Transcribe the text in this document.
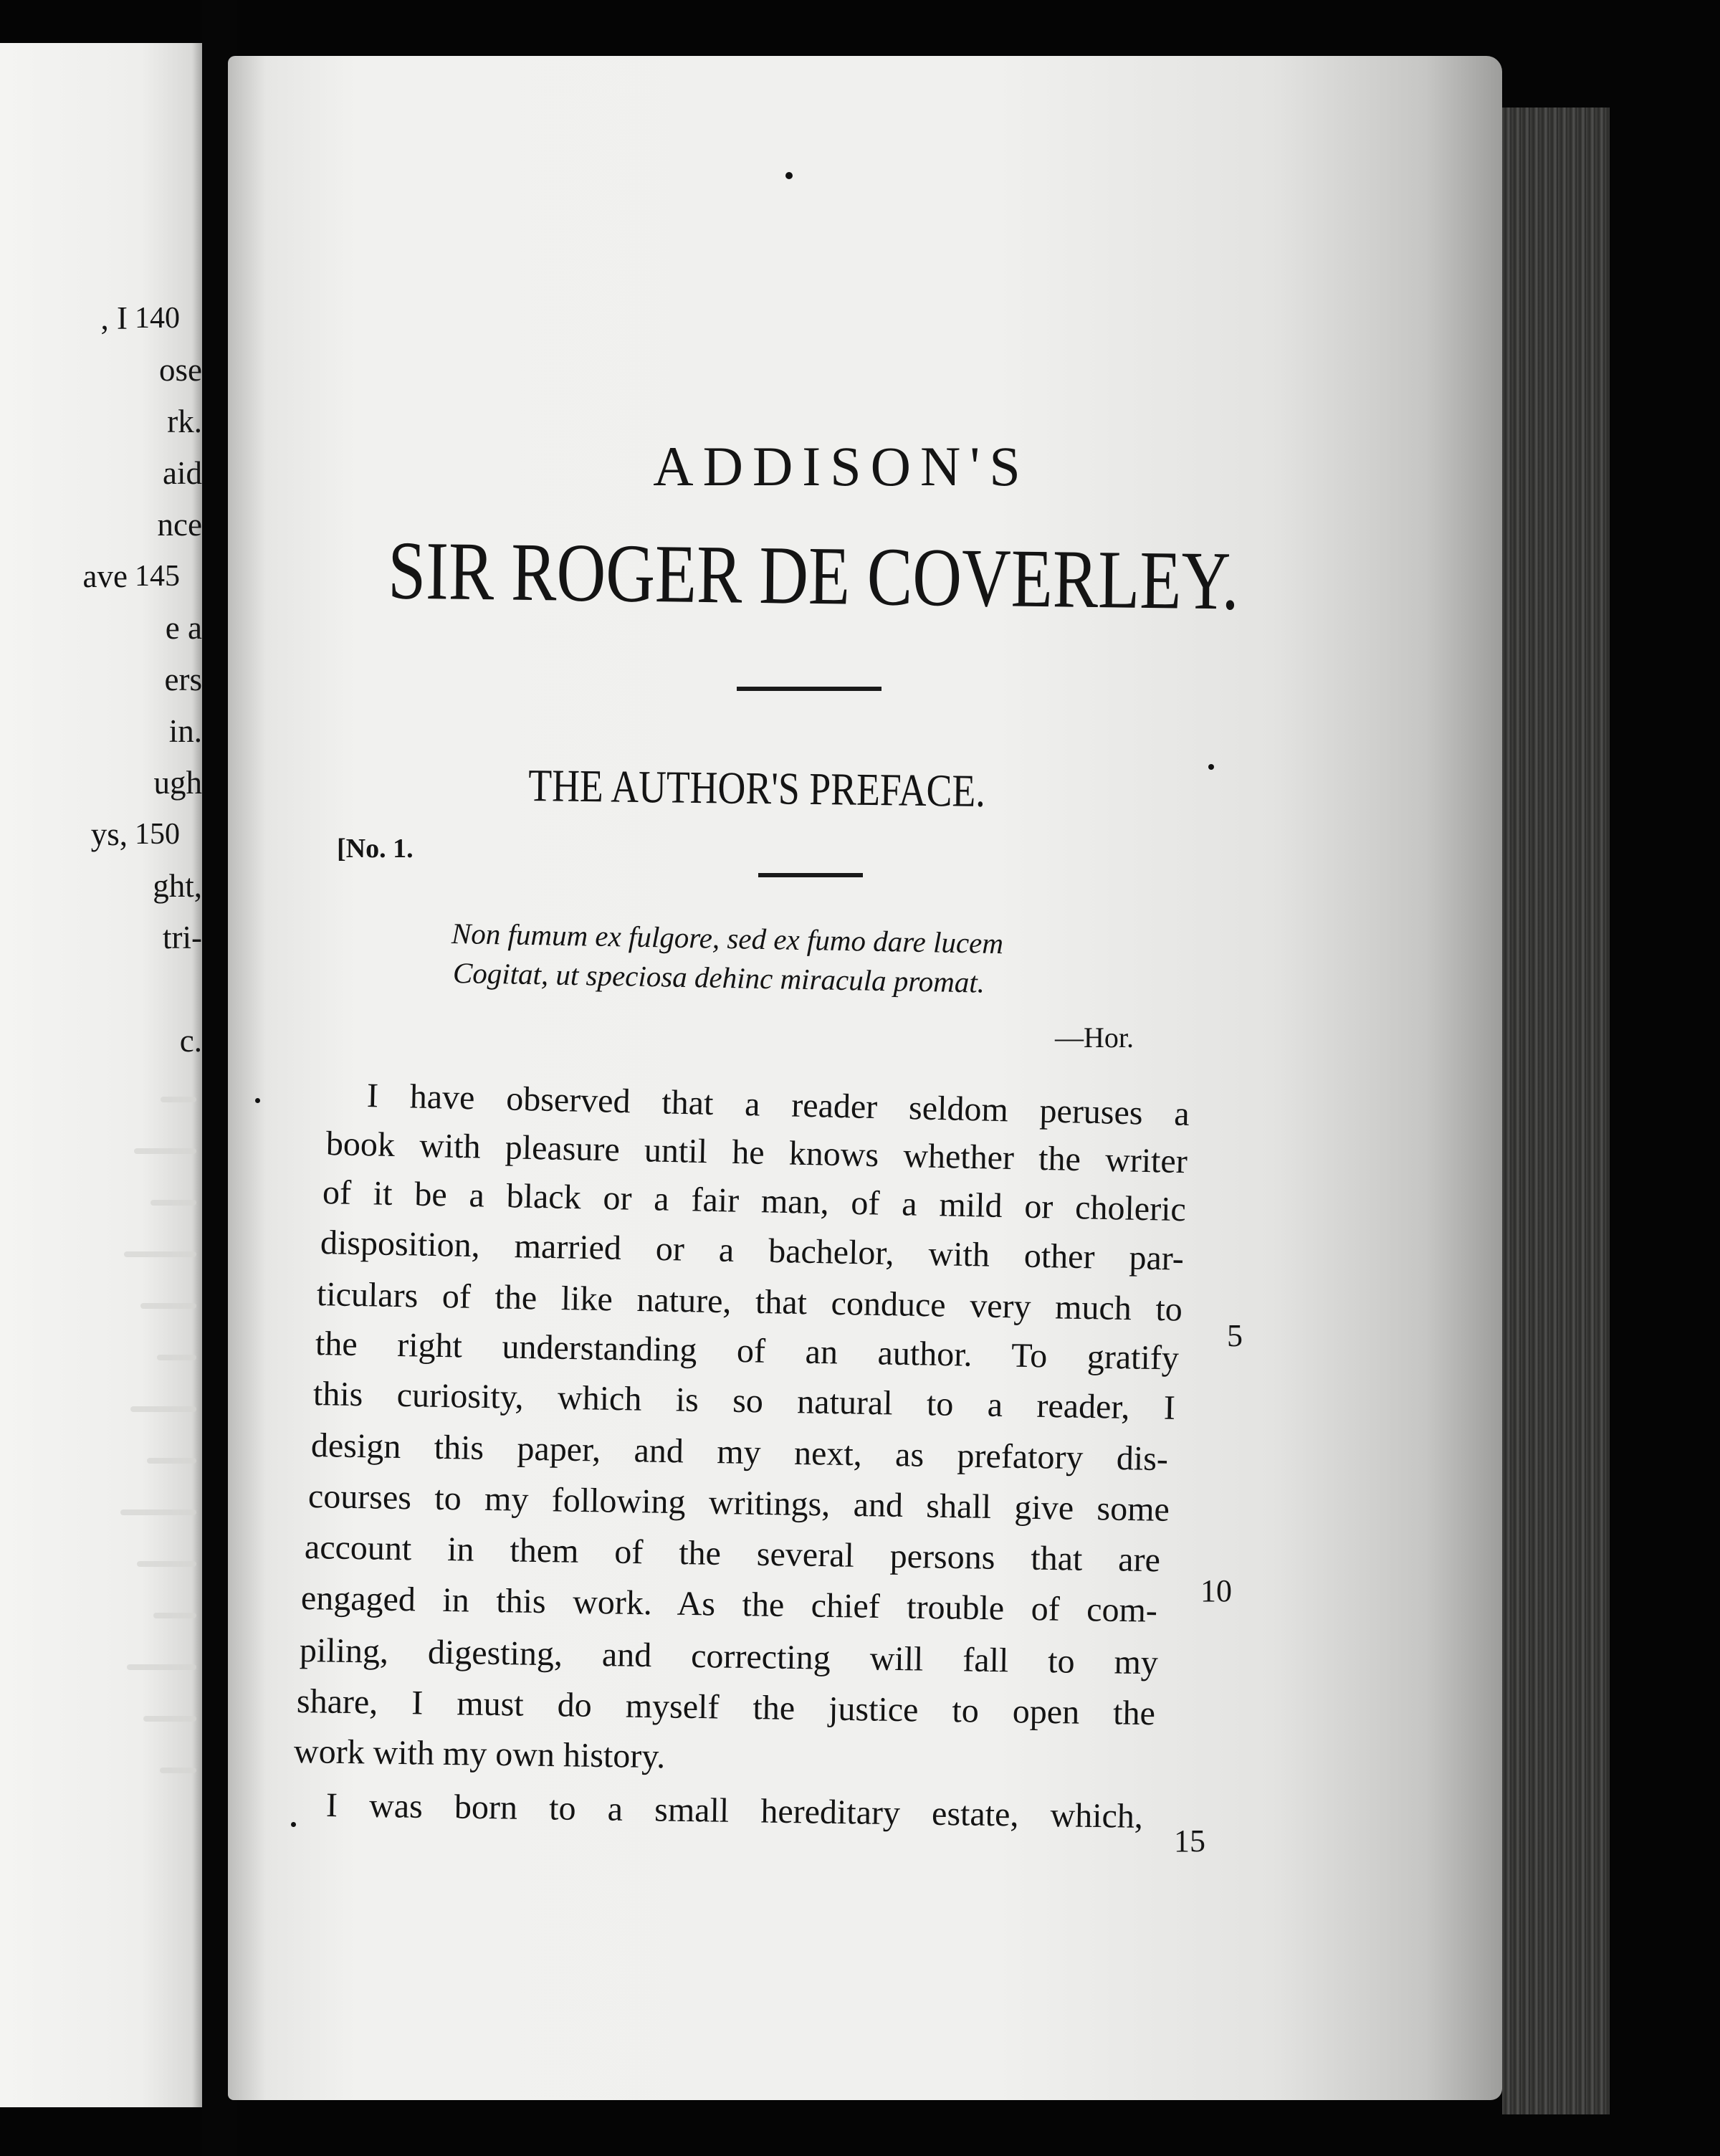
, I 140
ose
rk.
aid
nce
ave 145
e a
ers
in.
ugh
ys, 150
ght,
tri-
c.
ADDISON'S
SIR ROGER DE COVERLEY.
THE AUTHOR'S PREFACE.
[No. 1.
Non fumum ex fulgore, sed ex fumo dare lucem
Cogitat, ut speciosa dehinc miracula promat.
—Hor.
I have observed that a reader seldom peruses a
book with pleasure until he knows whether the writer
of it be a black or a fair man, of a mild or choleric
disposition, married or a bachelor, with other par-
ticulars of the like nature, that conduce very much to
5
the right understanding of an author. To gratify
this curiosity, which is so natural to a reader, I
design this paper, and my next, as prefatory dis-
courses to my following writings, and shall give some
account in them of the several persons that are
10
engaged in this work. As the chief trouble of com-
piling, digesting, and correcting will fall to my
share, I must do myself the justice to open the
work with my own history.
I was born to a small hereditary estate, which,
15
